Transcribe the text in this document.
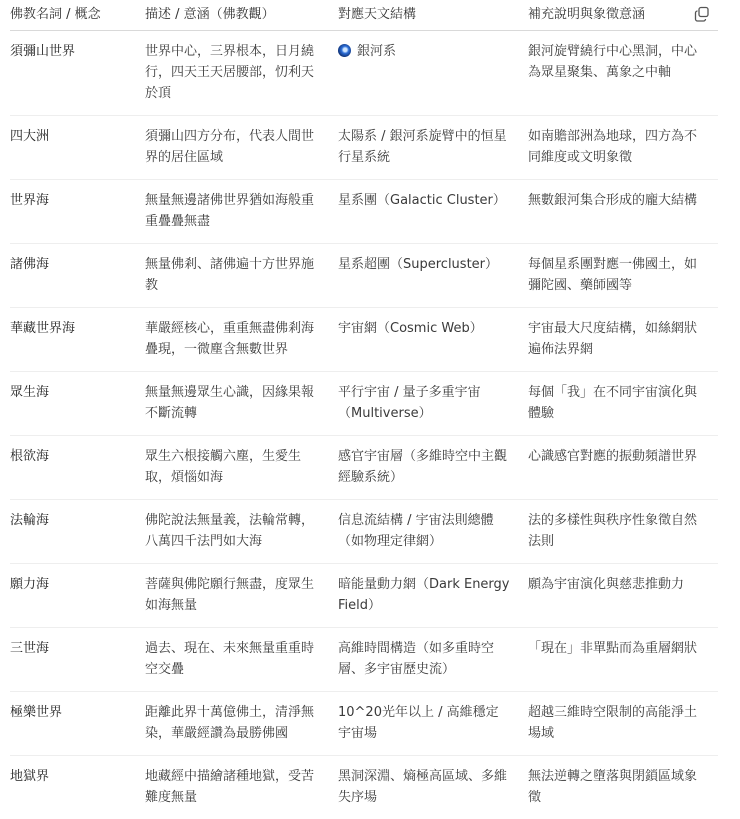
佛教名詞 / 概念	描述 / 意涵（佛教觀）	對應天文結構	補充說明與象徵意涵
須彌山世界	世界中心，三界根本，日月繞行，四天王天居腰部，忉利天於頂	銀河系	銀河旋臂繞行中心黑洞，中心為眾星聚集、萬象之中軸
四大洲	須彌山四方分布，代表人間世界的居住區域	太陽系 / 銀河系旋臂中的恒星行星系統	如南贍部洲為地球，四方為不同維度或文明象徵
世界海	無量無邊諸佛世界猶如海般重重疊疊無盡	星系團（Galactic Cluster）	無數銀河集合形成的龐大結構
諸佛海	無量佛剎、諸佛遍十方世界施教	星系超團（Supercluster）	每個星系團對應一佛國土，如彌陀國、藥師國等
華藏世界海	華嚴經核心，重重無盡佛剎海疊現，一微塵含無數世界	宇宙網（Cosmic Web）	宇宙最大尺度結構，如絲網狀遍佈法界網
眾生海	無量無邊眾生心識，因緣果報不斷流轉	平行宇宙 / 量子多重宇宙（Multiverse）	每個「我」在不同宇宙演化與體驗
根欲海	眾生六根接觸六塵，生愛生取，煩惱如海	感官宇宙層（多維時空中主觀經驗系統）	心識感官對應的振動頻譜世界
法輪海	佛陀說法無量義，法輪常轉，八萬四千法門如大海	信息流結構 / 宇宙法則總體（如物理定律網）	法的多樣性與秩序性象徵自然法則
願力海	菩薩與佛陀願行無盡，度眾生如海無量	暗能量動力網（Dark Energy Field）	願為宇宙演化與慈悲推動力
三世海	過去、現在、未來無量重重時空交疊	高維時間構造（如多重時空層、多宇宙歷史流）	「現在」非單點而為重層網狀
極樂世界	距離此界十萬億佛土，清淨無染，華嚴經讚為最勝佛國	10^20光年以上 / 高維穩定宇宙場	超越三維時空限制的高能淨土場域
地獄界	地藏經中描繪諸種地獄，受苦難度無量	黑洞深淵、熵極高區域、多維失序場	無法逆轉之墮落與閉鎖區域象徵
